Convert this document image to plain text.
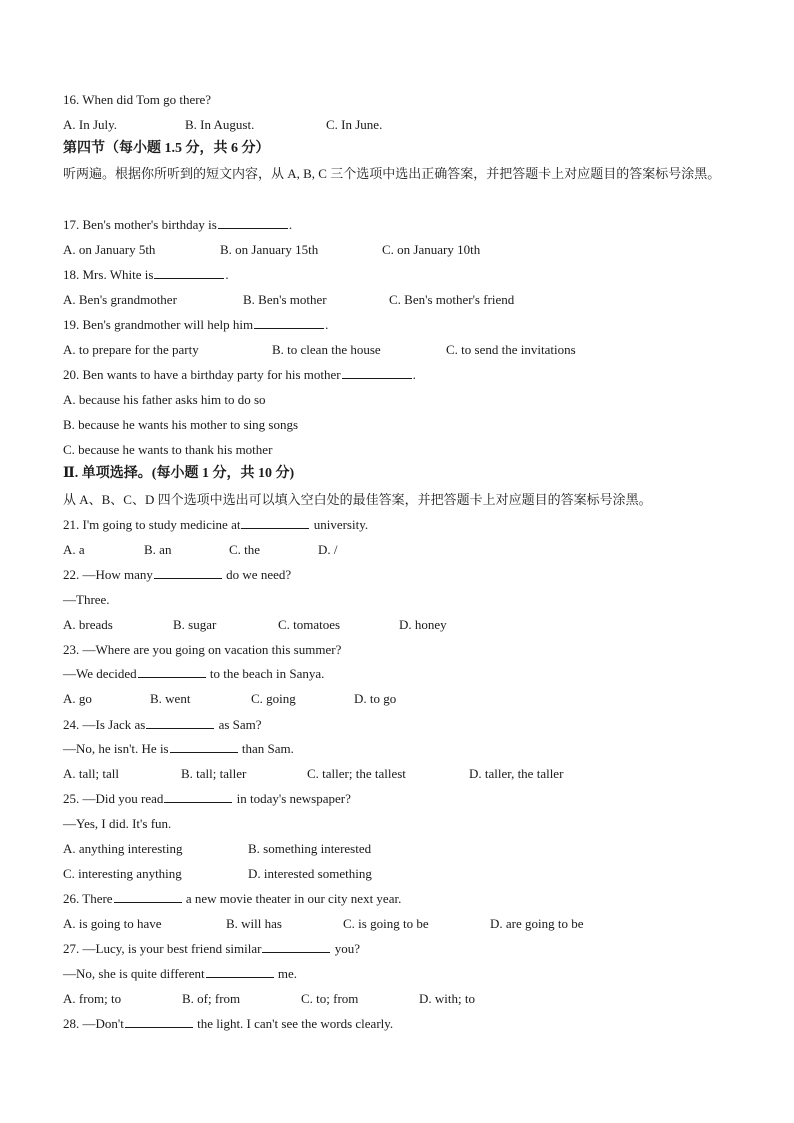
16. When did Tom go there?
A. In July.	B. In August.	C. In June.
第四节（每小题 1.5 分，共 6 分）
听两遍。根据你所听到的短文内容，从 A, B, C 三个选项中选出正确答案，并把答题卡上对应题目的答案标号涂黑。
17. Ben's mother's birthday is	.
A. on January 5th	B. on January 15th	C. on January 10th
18. Mrs. White is	.
A. Ben's grandmother	B. Ben's mother	C. Ben's mother's friend
19. Ben's grandmother will help him	.
A. to prepare for the party	B. to clean the house	C. to send the invitations
20. Ben wants to have a birthday party for his mother	.
A. because his father asks him to do so
B. because he wants his mother to sing songs
C. because he wants to thank his mother
Ⅱ. 单项选择。(每小题 1 分，共 10 分)
从 A、B、C、D 四个选项中选出可以填入空白处的最佳答案，并把答题卡上对应题目的答案标号涂黑。
21. I'm going to study medicine at	university.
A. a	B. an	C. the	D. /
22. —How many	do we need?
—Three.
A. breads	B. sugar	C. tomatoes	D. honey
23. —Where are you going on vacation this summer?
—We decided	to the beach in Sanya.
A. go	B. went	C. going	D. to go
24. —Is Jack as	as Sam?
—No, he isn't. He is	than Sam.
A. tall; tall	B. tall; taller	C. taller; the tallest	D. taller, the taller
25. —Did you read	in today's newspaper?
—Yes, I did. It's fun.
A. anything interesting	B. something interested
C. interesting anything	D. interested something
26. There	a new movie theater in our city next year.
A. is going to have	B. will has	C. is going to be	D. are going to be
27. —Lucy, is your best friend similar	you?
—No, she is quite different	me.
A. from; to	B. of; from	C. to; from	D. with; to
28. —Don't	the light. I can't see the words clearly.
